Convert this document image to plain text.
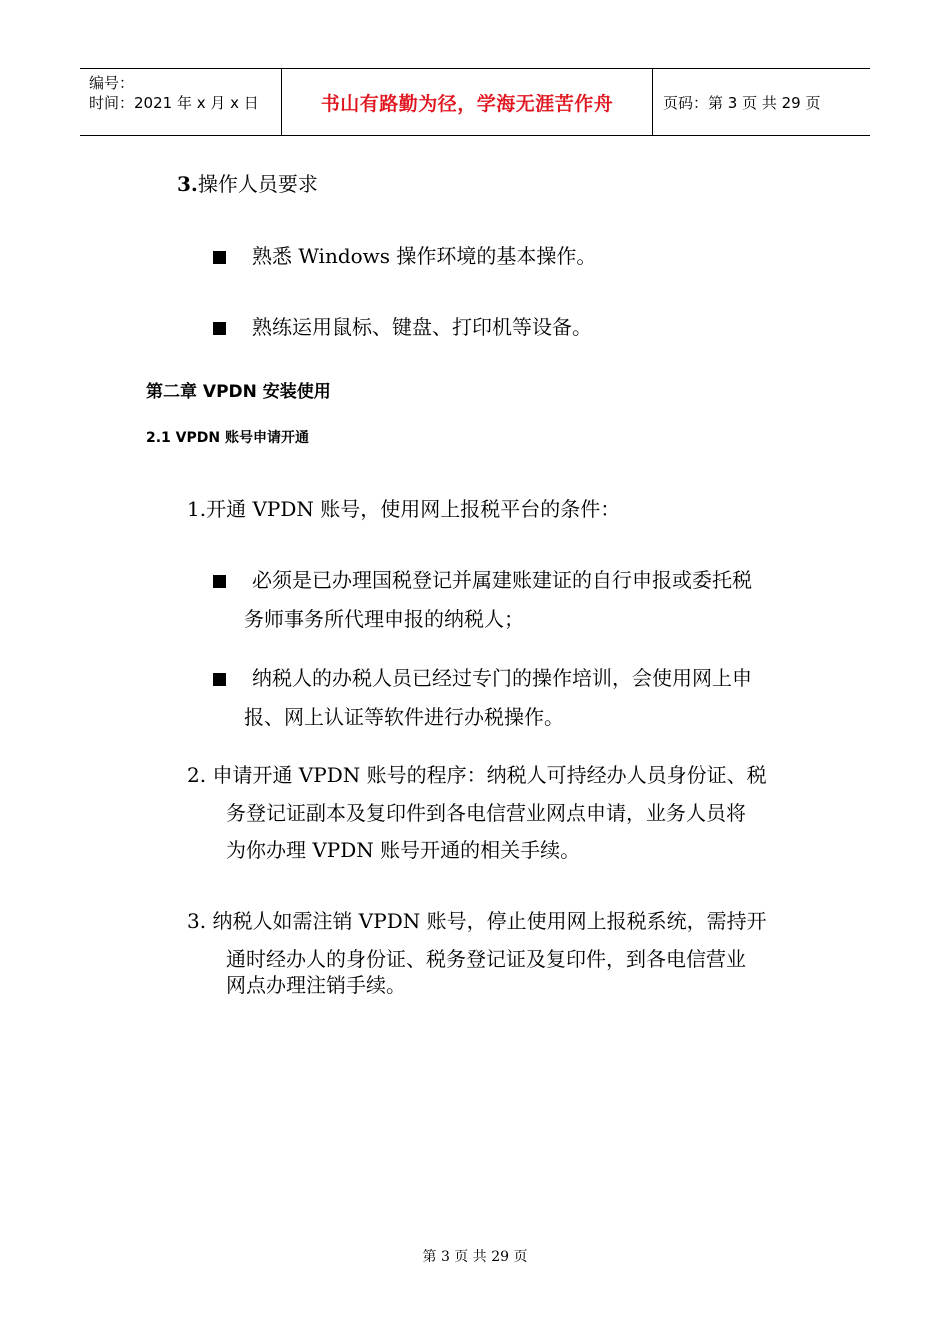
编号：
时间：2021 年 x 月 x 日	书山有路勤为径，学海无涯苦作舟	页码：第 3 页 共 29 页
3.操作人员要求
熟悉 Windows 操作环境的基本操作。
熟练运用鼠标、键盘、打印机等设备。
第二章 VPDN 安装使用
2.1 VPDN 账号申请开通
1.开通 VPDN 账号，使用网上报税平台的条件：
必须是已办理国税登记并属建账建证的自行申报或委托税
务师事务所代理申报的纳税人；
纳税人的办税人员已经过专门的操作培训，会使用网上申
报、网上认证等软件进行办税操作。
2. 申请开通 VPDN 账号的程序：纳税人可持经办人员身份证、税
务登记证副本及复印件到各电信营业网点申请，业务人员将
为你办理 VPDN 账号开通的相关手续。
3. 纳税人如需注销 VPDN 账号，停止使用网上报税系统，需持开
通时经办人的身份证、税务登记证及复印件，到各电信营业
网点办理注销手续。
第 3 页 共 29 页
